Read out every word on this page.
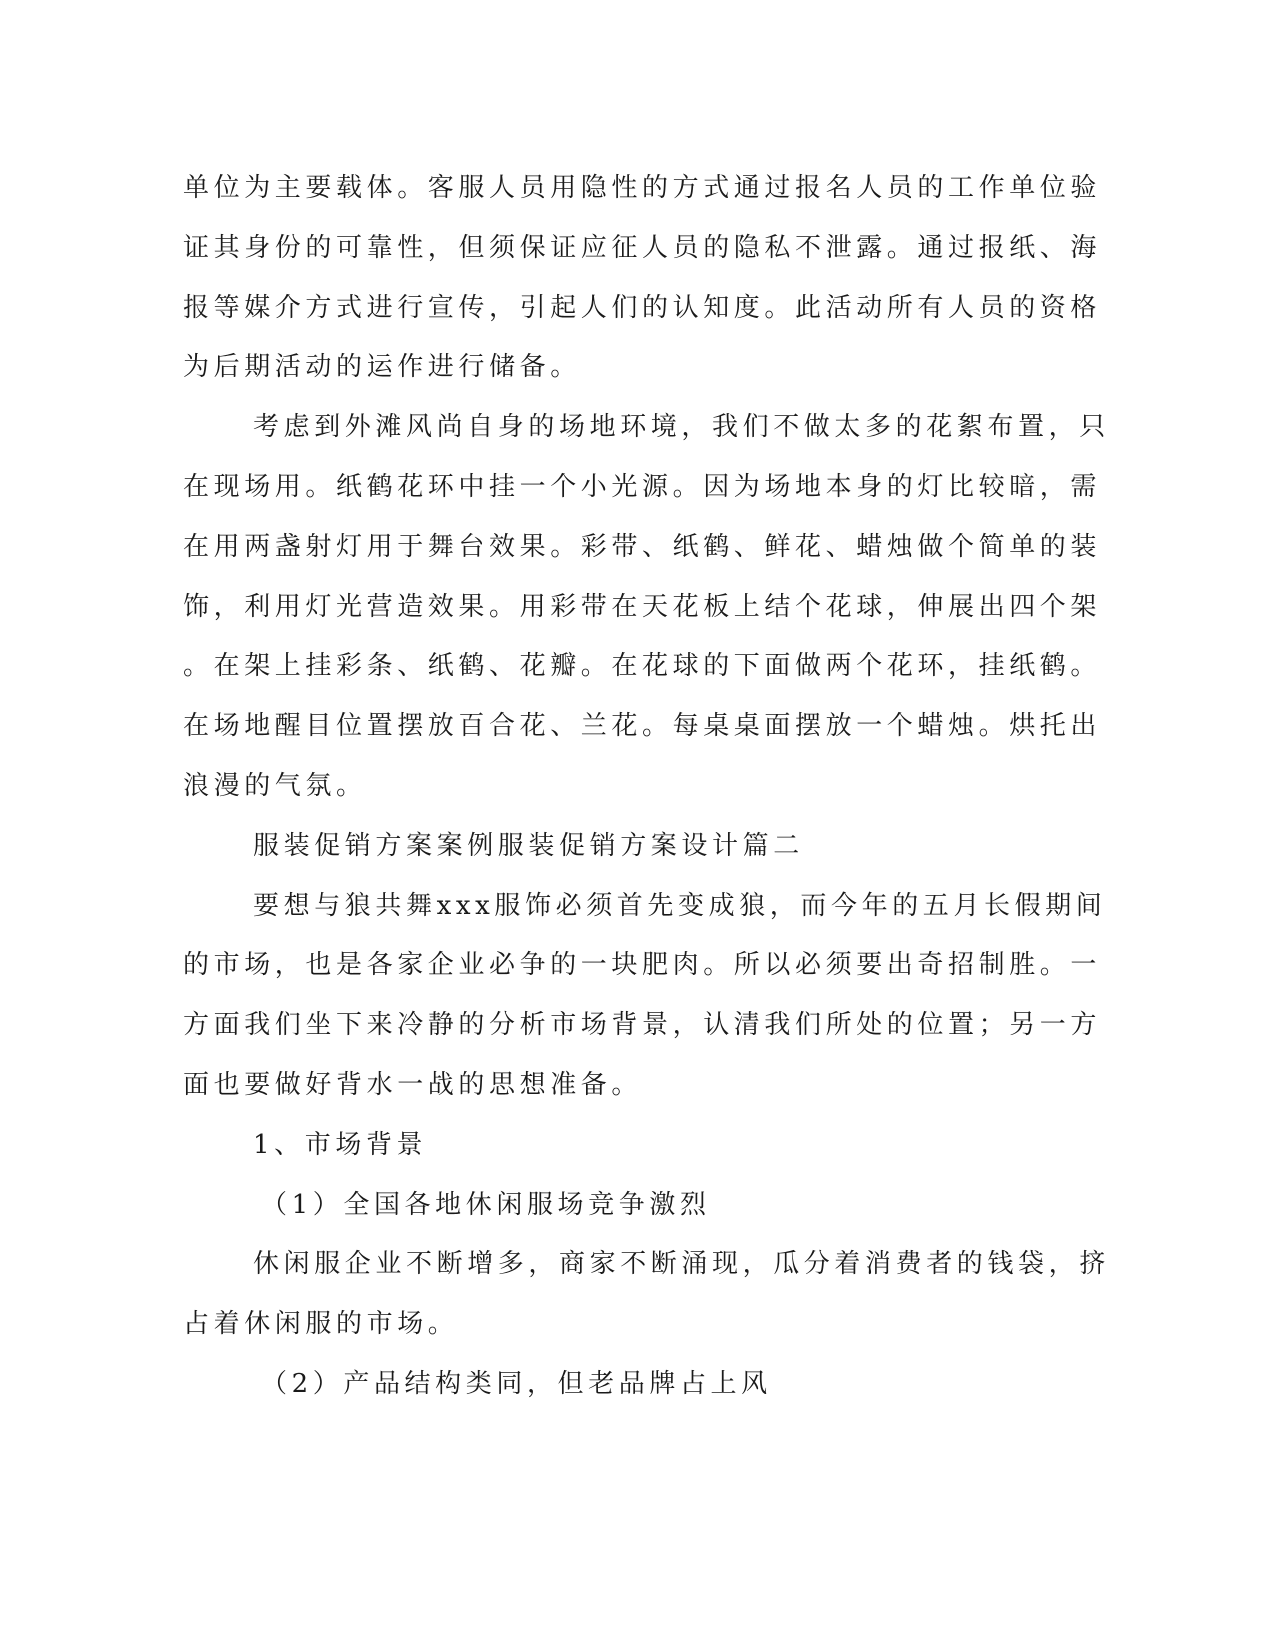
单位为主要载体。客服人员用隐性的方式通过报名人员的工作单位验

证其身份的可靠性，但须保证应征人员的隐私不泄露。通过报纸、海

报等媒介方式进行宣传，引起人们的认知度。此活动所有人员的资格

为后期活动的运作进行储备。

考虑到外滩风尚自身的场地环境，我们不做太多的花絮布置，只

在现场用。纸鹤花环中挂一个小光源。因为场地本身的灯比较暗，需

在用两盏射灯用于舞台效果。彩带、纸鹤、鲜花、蜡烛做个简单的装

饰，利用灯光营造效果。用彩带在天花板上结个花球，伸展出四个架

。在架上挂彩条、纸鹤、花瓣。在花球的下面做两个花环，挂纸鹤。

在场地醒目位置摆放百合花、兰花。每桌桌面摆放一个蜡烛。烘托出

浪漫的气氛。

服装促销方案案例服装促销方案设计篇二

要想与狼共舞xxx服饰必须首先变成狼，而今年的五月长假期间

的市场，也是各家企业必争的一块肥肉。所以必须要出奇招制胜。一

方面我们坐下来冷静的分析市场背景，认清我们所处的位置；另一方

面也要做好背水一战的思想准备。

1、市场背景

（1）全国各地休闲服场竞争激烈

休闲服企业不断增多，商家不断涌现，瓜分着消费者的钱袋，挤

占着休闲服的市场。

（2）产品结构类同，但老品牌占上风
